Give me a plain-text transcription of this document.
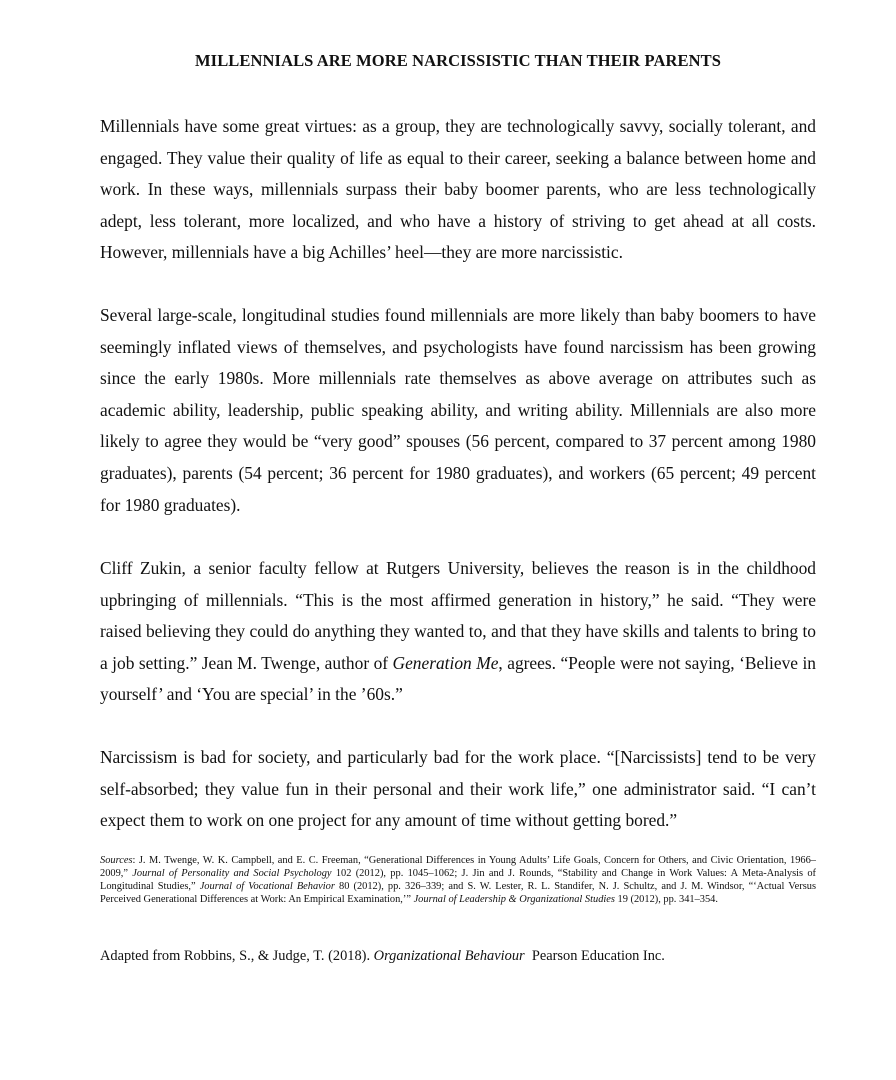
MILLENNIALS ARE MORE NARCISSISTIC THAN THEIR PARENTS

Millennials have some great virtues: as a group, they are technologically savvy, socially tolerant, and engaged. They value their quality of life as equal to their career, seeking a balance between home and work. In these ways, millennials surpass their baby boomer parents, who are less technologically adept, less tolerant, more localized, and who have a history of striving to get ahead at all costs. However, millennials have a big Achilles’ heel—they are more narcissistic.

Several large-scale, longitudinal studies found millennials are more likely than baby boomers to have seemingly inflated views of themselves, and psychologists have found narcissism has been growing since the early 1980s. More millennials rate themselves as above average on attributes such as academic ability, leadership, public speaking ability, and writing ability. Millennials are also more likely to agree they would be “very good” spouses (56 percent, compared to 37 percent among 1980 graduates), parents (54 percent; 36 percent for 1980 graduates), and workers (65 percent; 49 percent for 1980 graduates).

Cliff Zukin, a senior faculty fellow at Rutgers University, believes the reason is in the childhood upbringing of millennials. “This is the most affirmed generation in history,” he said. “They were raised believing they could do anything they wanted to, and that they have skills and talents to bring to a job setting.” Jean M. Twenge, author of Generation Me, agrees. “People were not saying, ‘Believe in yourself’ and ‘You are special’ in the ’60s.”

Narcissism is bad for society, and particularly bad for the work place. “[Narcissists] tend to be very self-absorbed; they value fun in their personal and their work life,” one administrator said. “I can’t expect them to work on one project for any amount of time without getting bored.”

Sources: J. M. Twenge, W. K. Campbell, and E. C. Freeman, “Generational Differences in Young Adults’ Life Goals, Concern for Others, and Civic Orientation, 1966–2009,” Journal of Personality and Social Psychology 102 (2012), pp. 1045–1062; J. Jin and J. Rounds, “Stability and Change in Work Values: A Meta-Analysis of Longitudinal Studies,” Journal of Vocational Behavior 80 (2012), pp. 326–339; and S. W. Lester, R. L. Standifer, N. J. Schultz, and J. M. Windsor, “‘Actual Versus Perceived Generational Differences at Work: An Empirical Examination,’” Journal of Leadership & Organizational Studies 19 (2012), pp. 341–354.

Adapted from Robbins, S., & Judge, T. (2018). Organizational Behaviour  Pearson Education Inc.
